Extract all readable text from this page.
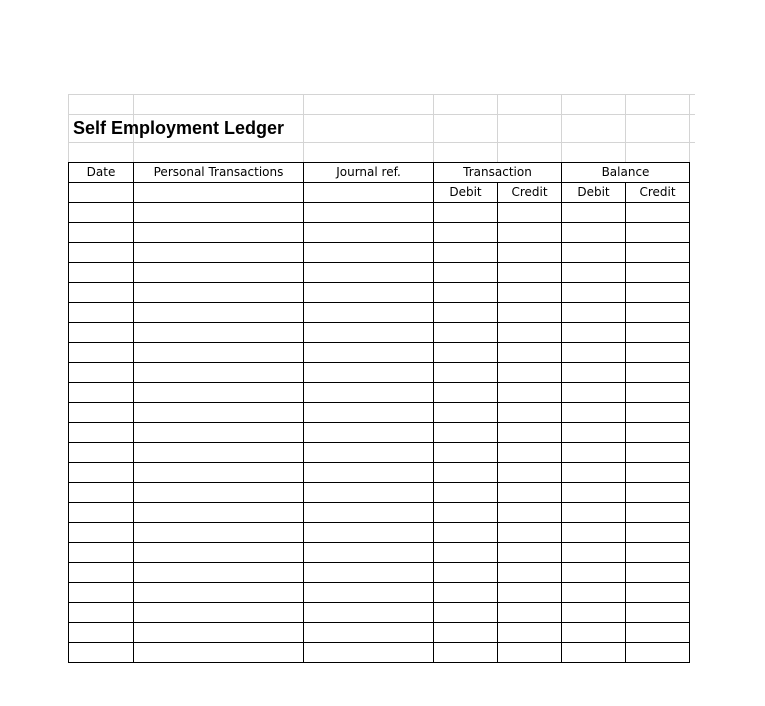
Self Employment Ledger
Date	Personal Transactions	Journal ref.	Transaction		Balance	
			Debit	Credit	Debit	Credit
